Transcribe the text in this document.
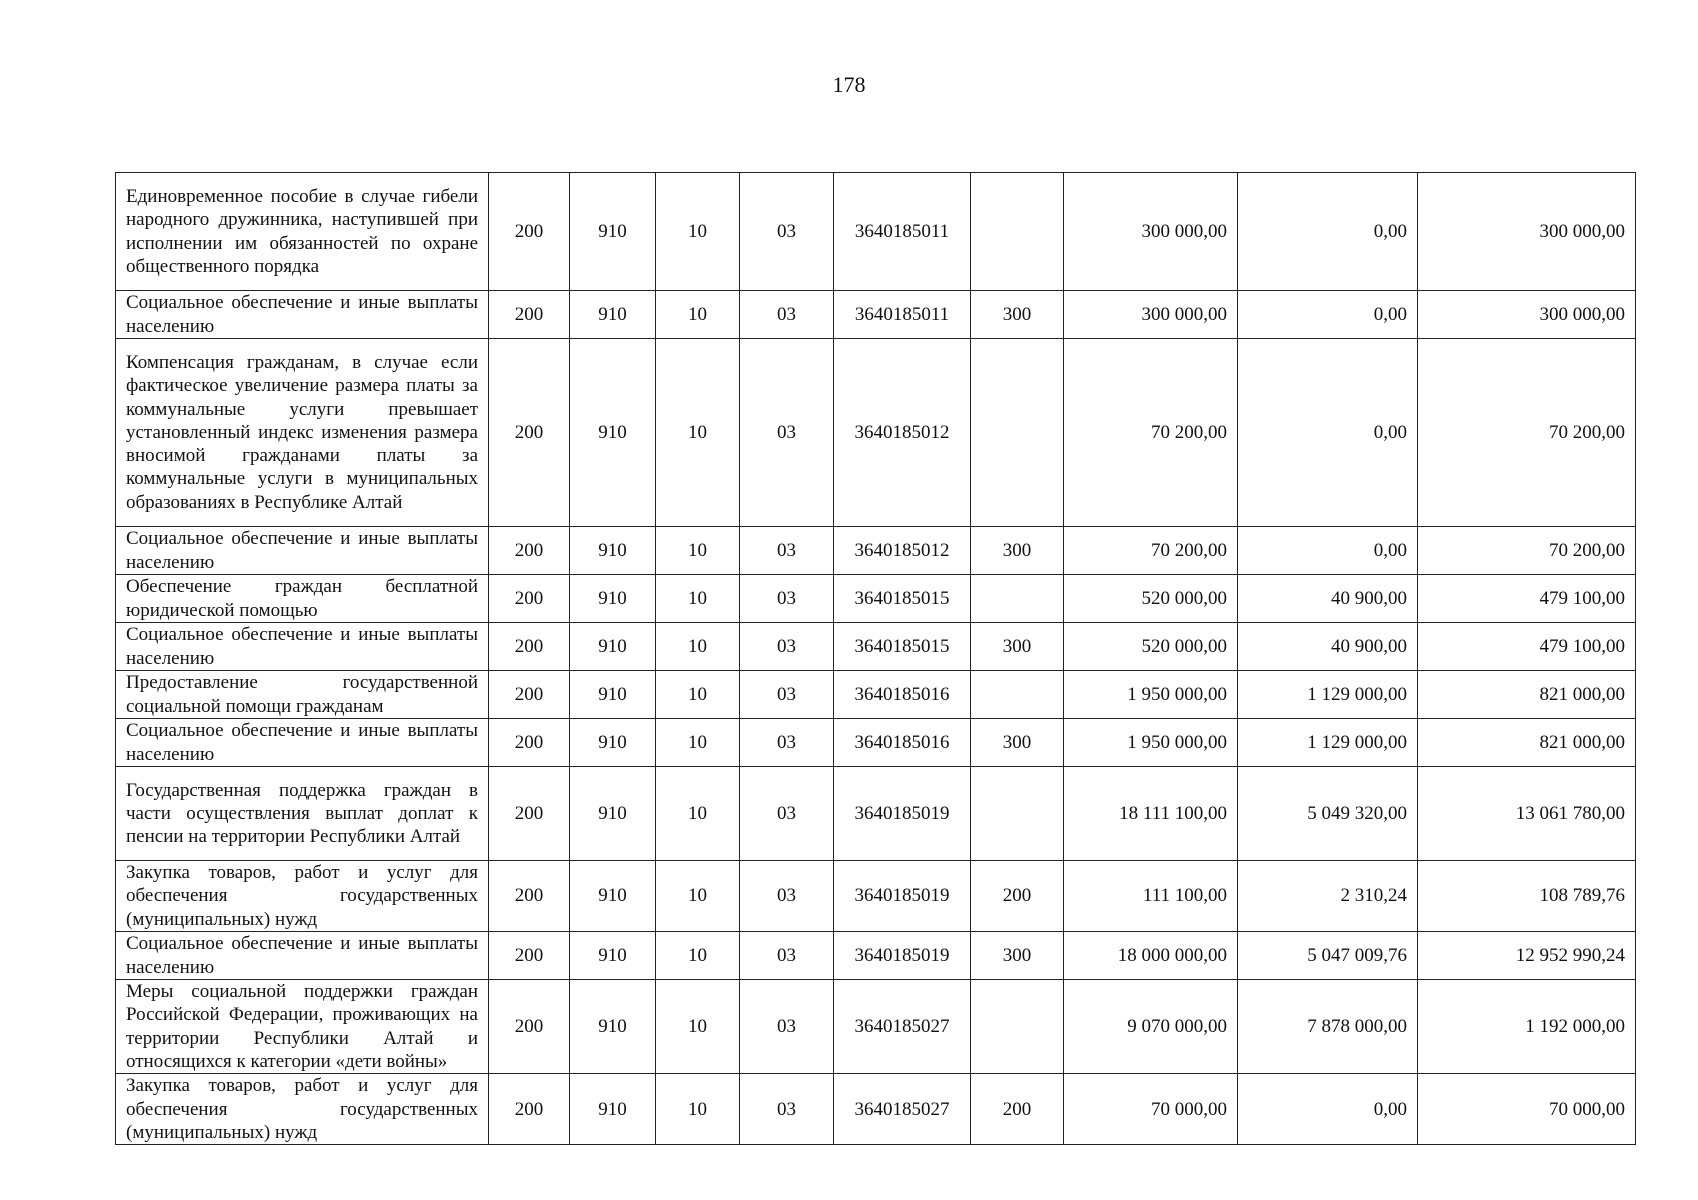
178
Единовременное пособие в случае гибели народного дружинника, наступившей при исполнении им обязанностей по охране общественного порядка	200	910	10	03	3640185011		300 000,00	0,00	300 000,00
Социальное обеспечение и иные выплаты населению	200	910	10	03	3640185011	300	300 000,00	0,00	300 000,00
Компенсация гражданам, в случае если фактическое увеличение размера платы за коммунальные услуги превышает установленный индекс изменения размера вносимой гражданами платы за коммунальные услуги в муниципальных образованиях в Республике Алтай	200	910	10	03	3640185012		70 200,00	0,00	70 200,00
Социальное обеспечение и иные выплаты населению	200	910	10	03	3640185012	300	70 200,00	0,00	70 200,00
Обеспечение граждан бесплатной юридической помощью	200	910	10	03	3640185015		520 000,00	40 900,00	479 100,00
Социальное обеспечение и иные выплаты населению	200	910	10	03	3640185015	300	520 000,00	40 900,00	479 100,00
Предоставление государственной социальной помощи гражданам	200	910	10	03	3640185016		1 950 000,00	1 129 000,00	821 000,00
Социальное обеспечение и иные выплаты населению	200	910	10	03	3640185016	300	1 950 000,00	1 129 000,00	821 000,00
Государственная поддержка граждан в части осуществления выплат доплат к пенсии на территории Республики Алтай	200	910	10	03	3640185019		18 111 100,00	5 049 320,00	13 061 780,00
Закупка товаров, работ и услуг для обеспечения государственных (муниципальных) нужд	200	910	10	03	3640185019	200	111 100,00	2 310,24	108 789,76
Социальное обеспечение и иные выплаты населению	200	910	10	03	3640185019	300	18 000 000,00	5 047 009,76	12 952 990,24
Меры социальной поддержки граждан Российской Федерации, проживающих на территории Республики Алтай и относящихся к категории «дети войны»	200	910	10	03	3640185027		9 070 000,00	7 878 000,00	1 192 000,00
Закупка товаров, работ и услуг для обеспечения государственных (муниципальных) нужд	200	910	10	03	3640185027	200	70 000,00	0,00	70 000,00
